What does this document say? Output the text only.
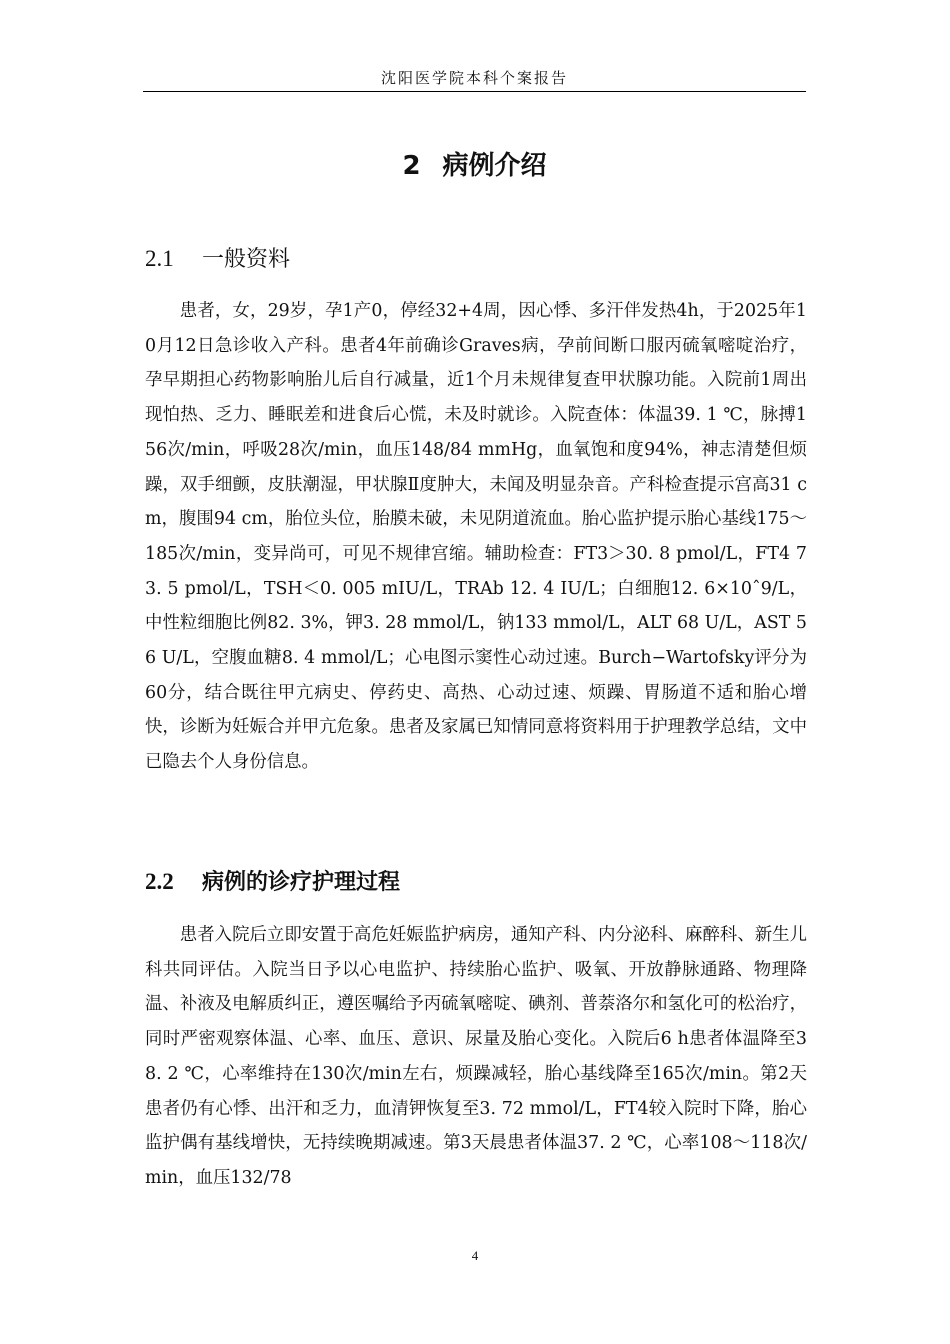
沈阳医学院本科个案报告
2 病例介绍
2.1 一般资料
患者，女，29岁，孕1产0，停经32+4周，因心悸、多汗伴发热4h，于2025年10月12日急诊收入产科。患者4年前确诊Graves病，孕前间断口服丙硫氧嘧啶治疗，孕早期担心药物影响胎儿后自行减量，近1个月未规律复查甲状腺功能。入院前1周出现怕热、乏力、睡眠差和进食后心慌，未及时就诊。入院查体：体温39. 1 ℃，脉搏156次/min，呼吸28次/min，血压148/84 mmHg，血氧饱和度94%，神志清楚但烦躁，双手细颤，皮肤潮湿，甲状腺Ⅱ度肿大，未闻及明显杂音。产科检查提示宫高31 cm，腹围94 cm，胎位头位，胎膜未破，未见阴道流血。胎心监护提示胎心基线175～185次/min，变异尚可，可见不规律宫缩。辅助检查：FT3＞30. 8 pmol/L，FT4 73. 5 pmol/L，TSH＜0. 005 mIU/L，TRAb 12. 4 IU/L；白细胞12. 6×10ˆ9/L，中性粒细胞比例82. 3%，钾3. 28 mmol/L，钠133 mmol/L，ALT 68 U/L，AST 56 U/L，空腹血糖8. 4 mmol/L；心电图示窦性心动过速。Burch−Wartofsky评分为60分，结合既往甲亢病史、停药史、高热、心动过速、烦躁、胃肠道不适和胎心增快，诊断为妊娠合并甲亢危象。患者及家属已知情同意将资料用于护理教学总结，文中已隐去个人身份信息。
2.2 病例的诊疗护理过程
患者入院后立即安置于高危妊娠监护病房，通知产科、内分泌科、麻醉科、新生儿科共同评估。入院当日予以心电监护、持续胎心监护、吸氧、开放静脉通路、物理降温、补液及电解质纠正，遵医嘱给予丙硫氧嘧啶、碘剂、普萘洛尔和氢化可的松治疗，同时严密观察体温、心率、血压、意识、尿量及胎心变化。入院后6 h患者体温降至38. 2 ℃，心率维持在130次/min左右，烦躁减轻，胎心基线降至165次/min。第2天患者仍有心悸、出汗和乏力，血清钾恢复至3. 72 mmol/L，FT4较入院时下降，胎心监护偶有基线增快，无持续晚期减速。第3天晨患者体温37. 2 ℃，心率108～118次/min，血压132/78
4
